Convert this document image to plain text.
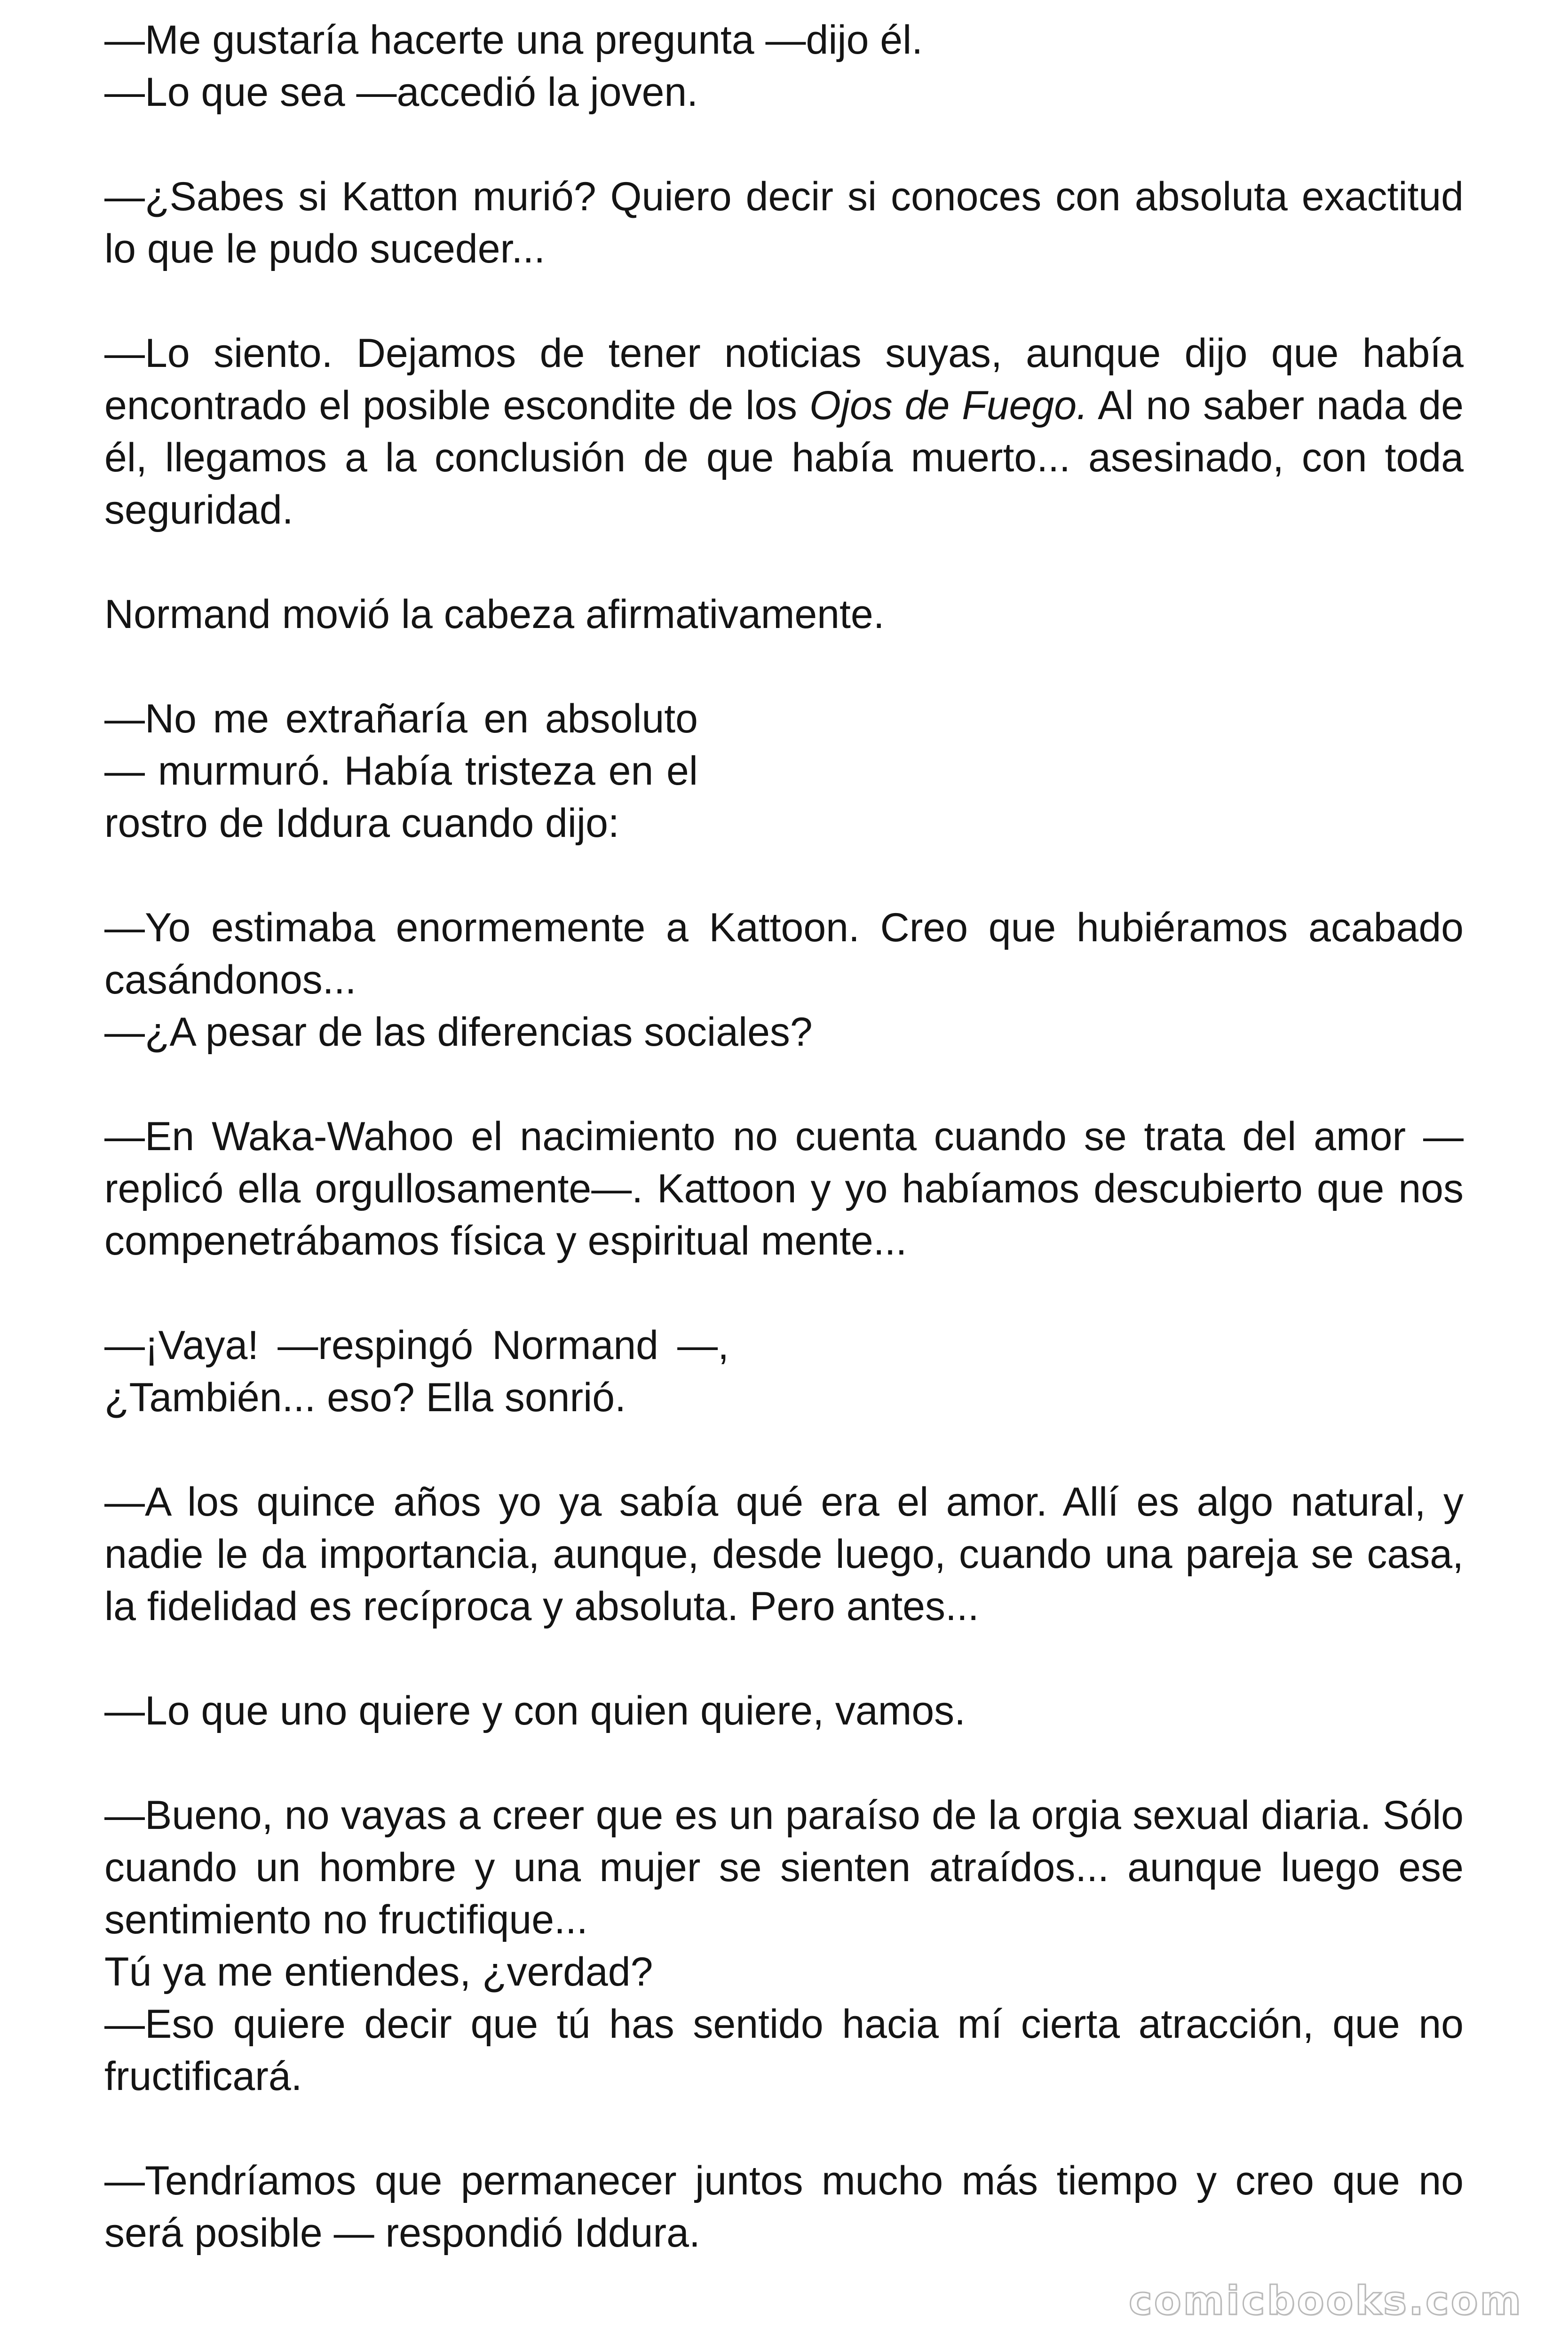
—Me gustaría hacerte una pregunta —dijo él.

—Lo que sea —accedió la joven.

—¿Sabes si Katton murió? Quiero decir si conoces con absoluta exactitud lo que le pudo suceder...

—Lo siento. Dejamos de tener noticias suyas, aunque dijo que había encontrado el posible escondite de los Ojos de Fuego. Al no saber nada de él, llegamos a la conclusión de que había muerto... asesinado, con toda seguridad.

Normand movió la cabeza afirmativamente.

—No me extrañaría en absoluto — murmuró. Había tristeza en el rostro de Iddura cuando dijo:

—Yo estimaba enormemente a Kattoon. Creo que hubiéramos acabado casándonos...

—¿A pesar de las diferencias sociales?

—En Waka-Wahoo el nacimiento no cuenta cuando se trata del amor —replicó ella orgullosamente—. Kattoon y yo habíamos descubierto que nos compenetrábamos física y espiritual mente...

—¡Vaya! —respingó Normand —, ¿También... eso? Ella sonrió.

—A los quince años yo ya sabía qué era el amor. Allí es algo natural, y nadie le da importancia, aunque, desde luego, cuando una pareja se casa, la fidelidad es recíproca y absoluta. Pero antes...

—Lo que uno quiere y con quien quiere, vamos.

—Bueno, no vayas a creer que es un paraíso de la orgia sexual diaria. Sólo cuando un hombre y una mujer se sienten atraídos... aunque luego ese sentimiento no fructifique...

Tú ya me entiendes, ¿verdad?

—Eso quiere decir que tú has sentido hacia mí cierta atracción, que no fructificará.

—Tendríamos que permanecer juntos mucho más tiempo y creo que no será posible — respondió Iddura.

comicbooks.com
